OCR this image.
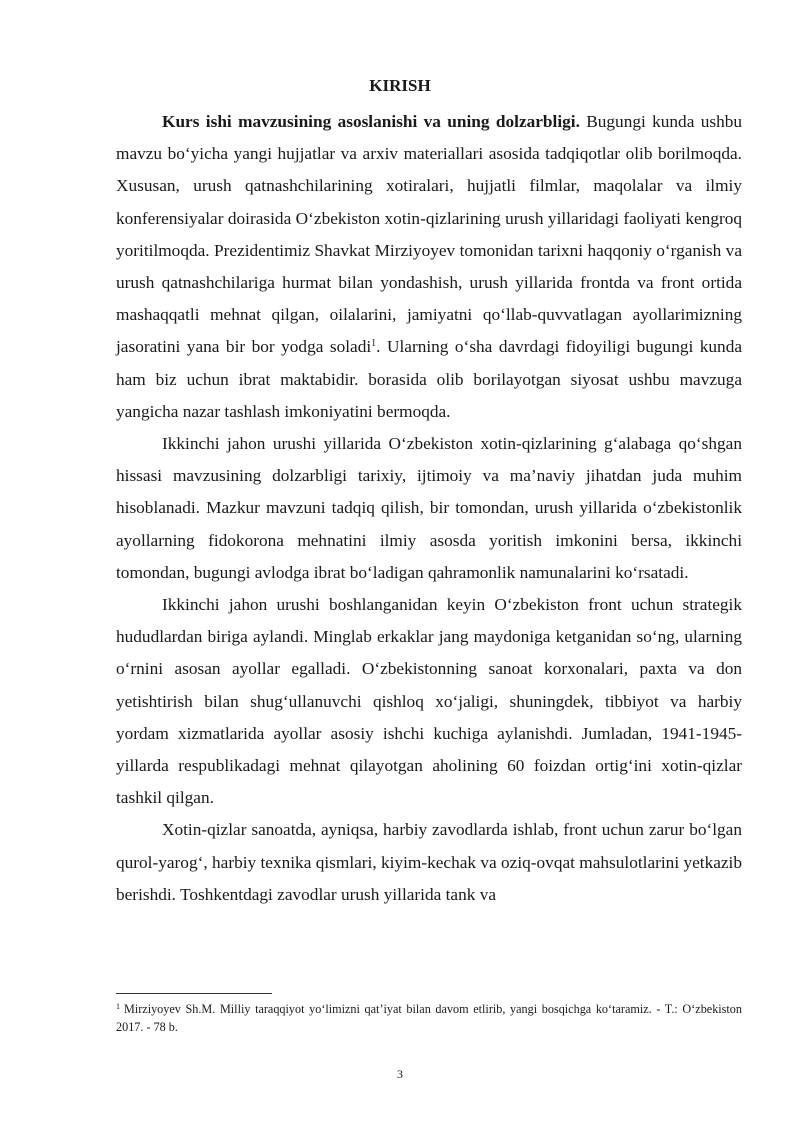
KIRISH

Kurs ishi mavzusining asoslanishi va uning dolzarbligi. Bugungi kunda ushbu mavzu bo‘yicha yangi hujjatlar va arxiv materiallari asosida tadqiqotlar olib borilmoqda. Xususan, urush qatnashchilarining xotiralari, hujjatli filmlar, maqolalar va ilmiy konferensiyalar doirasida O‘zbekiston xotin-qizlarining urush yillaridagi faoliyati kengroq yoritilmoqda. Prezidentimiz Shavkat Mirziyoyev tomonidan tarixni haqqoniy o‘rganish va urush qatnashchilariga hurmat bilan yondashish, urush yillarida frontda va front ortida mashaqqatli mehnat qilgan, oilalarini, jamiyatni qo‘llab-quvvatlagan ayollarimizning jasoratini yana bir bor yodga soladi$^1$. Ularning o‘sha davrdagi fidoyiligi bugungi kunda ham biz uchun ibrat maktabidir. borasida olib borilayotgan siyosat ushbu mavzuga yangicha nazar tashlash imkoniyatini bermoqda.

Ikkinchi jahon urushi yillarida O‘zbekiston xotin-qizlarining g‘alabaga qo‘shgan hissasi mavzusining dolzarbligi tarixiy, ijtimoiy va ma’naviy jihatdan juda muhim hisoblanadi. Mazkur mavzuni tadqiq qilish, bir tomondan, urush yillarida o‘zbekistonlik ayollarning fidokorona mehnatini ilmiy asosda yoritish imkonini bersa, ikkinchi tomondan, bugungi avlodga ibrat bo‘ladigan qahramonlik namunalarini ko‘rsatadi.

Ikkinchi jahon urushi boshlanganidan keyin O‘zbekiston front uchun strategik hududlardan biriga aylandi. Minglab erkaklar jang maydoniga ketganidan so‘ng, ularning o‘rnini asosan ayollar egalladi. O‘zbekistonning sanoat korxonalari, paxta va don yetishtirish bilan shug‘ullanuvchi qishloq xo‘jaligi, shuningdek, tibbiyot va harbiy yordam xizmatlarida ayollar asosiy ishchi kuchiga aylanishdi. Jumladan, 1941-1945-yillarda respublikadagi mehnat qilayotgan aholining 60 foizdan ortig‘ini xotin-qizlar tashkil qilgan.

Xotin-qizlar sanoatda, ayniqsa, harbiy zavodlarda ishlab, front uchun zarur bo‘lgan qurol-yarog‘, harbiy texnika qismlari, kiyim-kechak va oziq-ovqat mahsulotlarini yetkazib berishdi. Toshkentdagi zavodlar urush yillarida tank va

$^1$ Mirziyoyev Sh.M. Milliy taraqqiyot yo‘limizni qat’iyat bilan davom etlirib, yangi bosqichga ko‘taramiz. - T.: O‘zbekiston 2017. - 78 b.
3
